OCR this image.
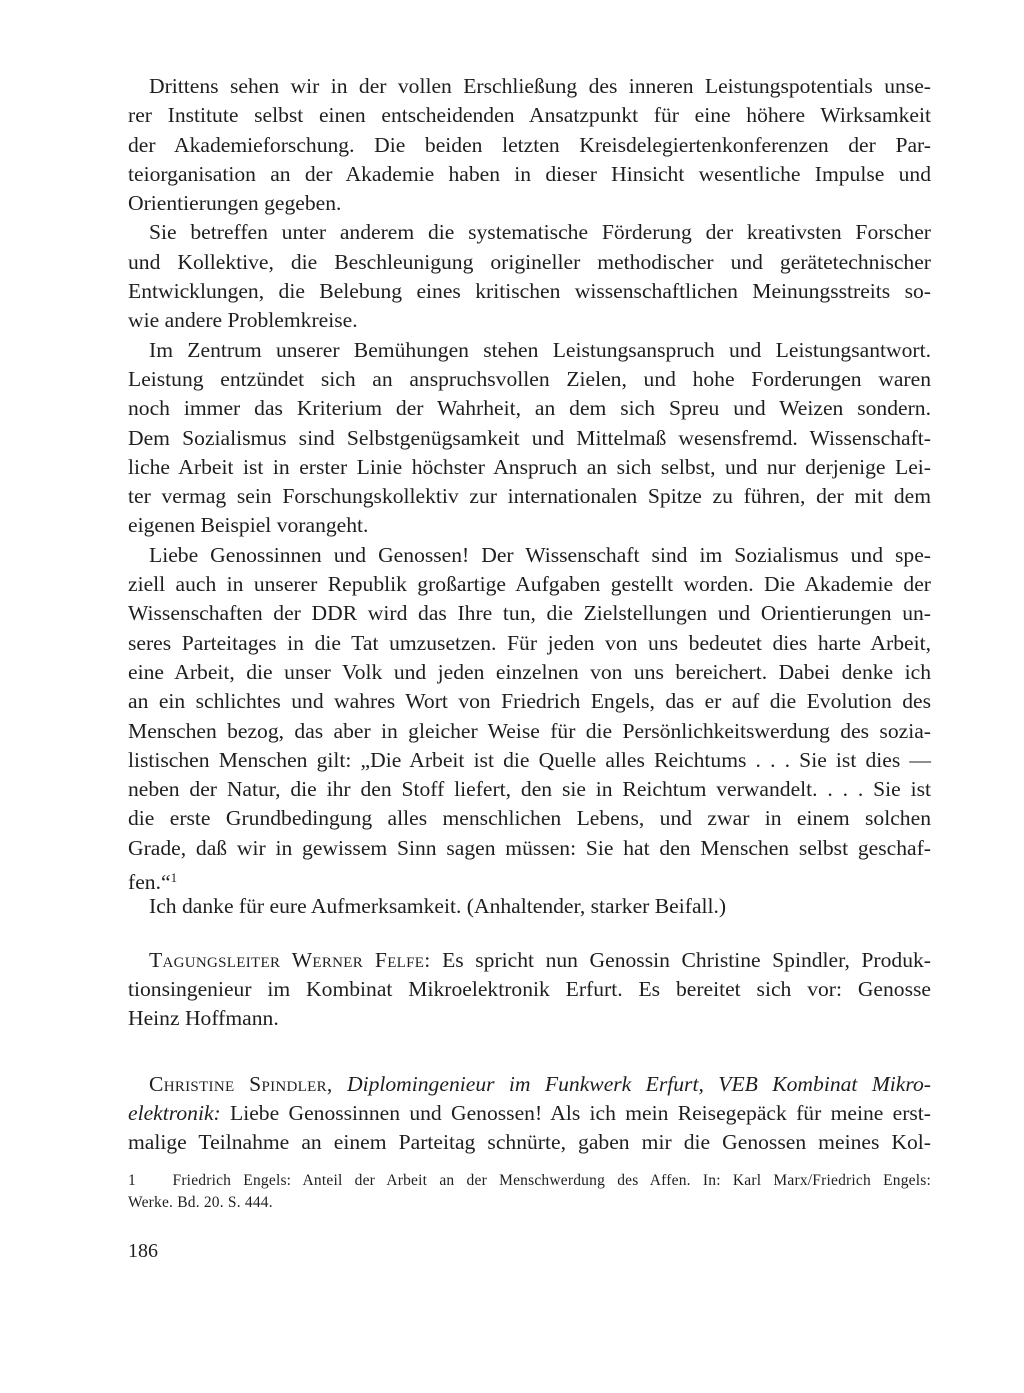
Drittens sehen wir in der vollen Erschließung des inneren Leistungspotentials unse-
rer Institute selbst einen entscheidenden Ansatzpunkt für eine höhere Wirksamkeit
der Akademieforschung. Die beiden letzten Kreisdelegiertenkonferenzen der Par-
teiorganisation an der Akademie haben in dieser Hinsicht wesentliche Impulse und
Orientierungen gegeben.
Sie betreffen unter anderem die systematische Förderung der kreativsten Forscher
und Kollektive, die Beschleunigung origineller methodischer und gerätetechnischer
Entwicklungen, die Belebung eines kritischen wissenschaftlichen Meinungsstreits so-
wie andere Problemkreise.
Im Zentrum unserer Bemühungen stehen Leistungsanspruch und Leistungsantwort.
Leistung entzündet sich an anspruchsvollen Zielen, und hohe Forderungen waren
noch immer das Kriterium der Wahrheit, an dem sich Spreu und Weizen sondern.
Dem Sozialismus sind Selbstgenügsamkeit und Mittelmaß wesensfremd. Wissenschaft-
liche Arbeit ist in erster Linie höchster Anspruch an sich selbst, und nur derjenige Lei-
ter vermag sein Forschungskollektiv zur internationalen Spitze zu führen, der mit dem
eigenen Beispiel vorangeht.
Liebe Genossinnen und Genossen! Der Wissenschaft sind im Sozialismus und spe-
ziell auch in unserer Republik großartige Aufgaben gestellt worden. Die Akademie der
Wissenschaften der DDR wird das Ihre tun, die Zielstellungen und Orientierungen un-
seres Parteitages in die Tat umzusetzen. Für jeden von uns bedeutet dies harte Arbeit,
eine Arbeit, die unser Volk und jeden einzelnen von uns bereichert. Dabei denke ich
an ein schlichtes und wahres Wort von Friedrich Engels, das er auf die Evolution des
Menschen bezog, das aber in gleicher Weise für die Persönlichkeitswerdung des sozia-
listischen Menschen gilt: „Die Arbeit ist die Quelle alles Reichtums . . . Sie ist dies —
neben der Natur, die ihr den Stoff liefert, den sie in Reichtum verwandelt. . . . Sie ist
die erste Grundbedingung alles menschlichen Lebens, und zwar in einem solchen
Grade, daß wir in gewissem Sinn sagen müssen: Sie hat den Menschen selbst geschaf-
fen.“$^1$
Ich danke für eure Aufmerksamkeit. (Anhaltender, starker Beifall.)
Tagungsleiter Werner Felfe: Es spricht nun Genossin Christine Spindler, Produk-
tionsingenieur im Kombinat Mikroelektronik Erfurt. Es bereitet sich vor: Genosse
Heinz Hoffmann.
Christine Spindler, Diplomingenieur im Funkwerk Erfurt, VEB Kombinat Mikro-
elektronik: Liebe Genossinnen und Genossen! Als ich mein Reisegepäck für meine erst-
malige Teilnahme an einem Parteitag schnürte, gaben mir die Genossen meines Kol-
1 Friedrich Engels: Anteil der Arbeit an der Menschwerdung des Affen. In: Karl Marx/Friedrich Engels:
Werke. Bd. 20. S. 444.
186
